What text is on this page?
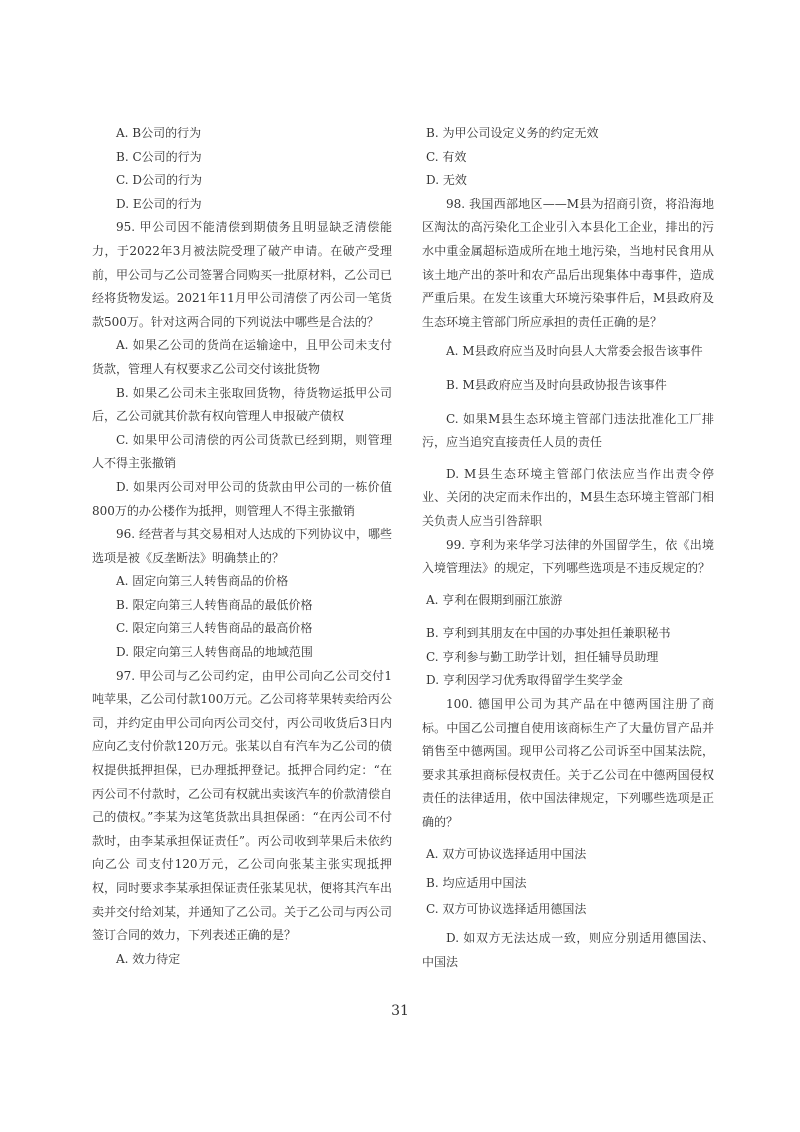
A. B公司的行为

B. C公司的行为

C. D公司的行为

D. E公司的行为

95. 甲公司因不能清偿到期债务且明显缺乏清偿能力，于2022年3月被法院受理了破产申请。在破产受理前，甲公司与乙公司签署合同购买一批原材料，乙公司已经将货物发运。2021年11月甲公司清偿了丙公司一笔货款500万。针对这两合同的下列说法中哪些是合法的？

A. 如果乙公司的货尚在运输途中，且甲公司未支付货款，管理人有权要求乙公司交付该批货物

B. 如果乙公司未主张取回货物，待货物运抵甲公司后，乙公司就其价款有权向管理人申报破产债权

C. 如果甲公司清偿的丙公司货款已经到期，则管理人不得主张撤销

D. 如果丙公司对甲公司的货款由甲公司的一栋价值800万的办公楼作为抵押，则管理人不得主张撤销

96. 经营者与其交易相对人达成的下列协议中，哪些选项是被《反垄断法》明确禁止的？

A. 固定向第三人转售商品的价格

B. 限定向第三人转售商品的最低价格

C. 限定向第三人转售商品的最高价格

D. 限定向第三人转售商品的地域范围

97. 甲公司与乙公司约定，由甲公司向乙公司交付1吨苹果，乙公司付款100万元。乙公司将苹果转卖给丙公司，并约定由甲公司向丙公司交付，丙公司收货后3日内应向乙支付价款120万元。张某以自有汽车为乙公司的债权提供抵押担保，已办理抵押登记。抵押合同约定：“在丙公司不付款时，乙公司有权就出卖该汽车的价款清偿自己的债权。”李某为这笔货款出具担保函：“在丙公司不付款时，由李某承担保证责任”。丙公司收到苹果后未依约向乙公 司支付120万元，乙公司向张某主张实现抵押权，同时要求李某承担保证责任张某见状，便将其汽车出卖并交付给刘某，并通知了乙公司。关于乙公司与丙公司签订合同的效力，下列表述正确的是？

A. 效力待定

B. 为甲公司设定义务的约定无效

C. 有效

D. 无效

98. 我国西部地区——M县为招商引资，将沿海地区淘汰的高污染化工企业引入本县化工企业，排出的污水中重金属超标造成所在地土地污染，当地村民食用从该土地产出的茶叶和农产品后出现集体中毒事件，造成严重后果。在发生该重大环境污染事件后，M县政府及生态环境主管部门所应承担的责任正确的是？

A. M县政府应当及时向县人大常委会报告该事件

B. M县政府应当及时向县政协报告该事件

C. 如果M县生态环境主管部门违法批准化工厂排污，应当追究直接责任人员的责任

D. M县生态环境主管部门依法应当作出责令停业、关闭的决定而未作出的，M县生态环境主管部门相关负责人应当引咎辞职

99. 亨利为来华学习法律的外国留学生，依《出境入境管理法》的规定，下列哪些选项是不违反规定的？

A. 亨利在假期到丽江旅游

B. 亨利到其朋友在中国的办事处担任兼职秘书

C. 亨利参与勤工助学计划，担任辅导员助理

D. 亨利因学习优秀取得留学生奖学金

100. 德国甲公司为其产品在中德两国注册了商标。中国乙公司擅自使用该商标生产了大量仿冒产品并销售至中德两国。现甲公司将乙公司诉至中国某法院，要求其承担商标侵权责任。关于乙公司在中德两国侵权责任的法律适用，依中国法律规定，下列哪些选项是正确的？

A. 双方可协议选择适用中国法

B. 均应适用中国法

C. 双方可协议选择适用德国法

D. 如双方无法达成一致，则应分别适用德国法、中国法

31
